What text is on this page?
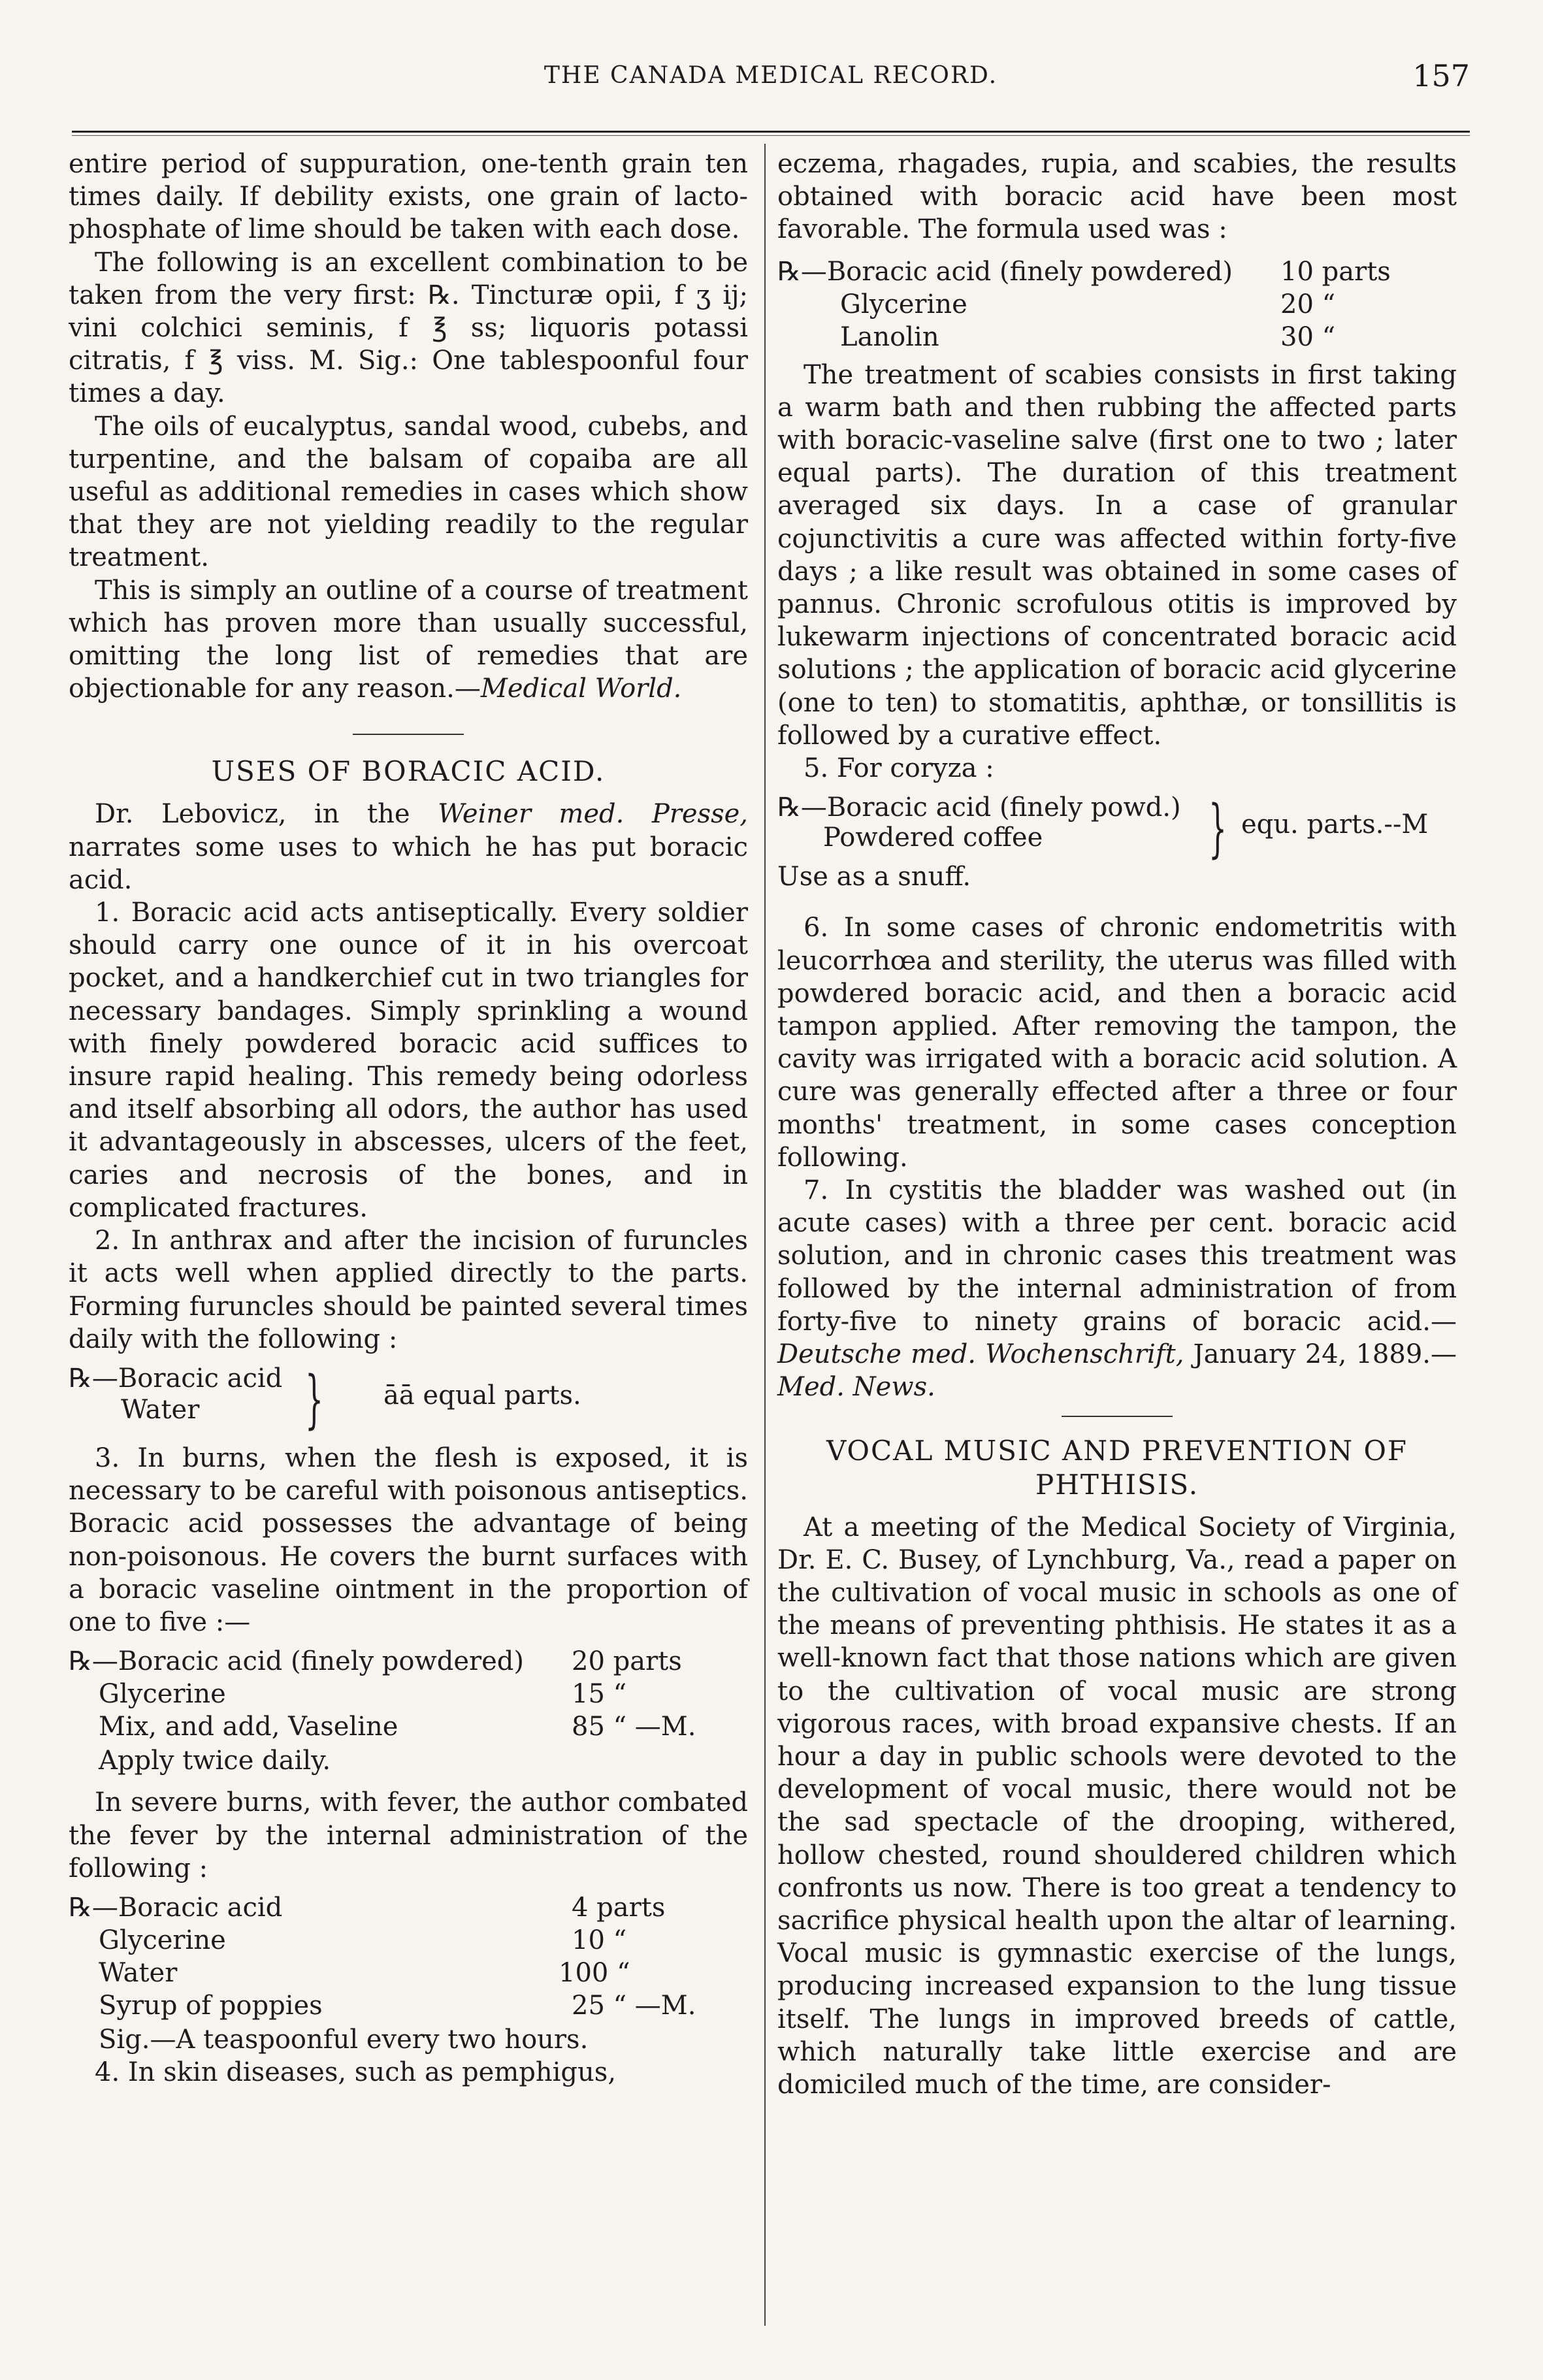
THE CANADA MEDICAL RECORD.	157

entire period of suppuration, one-tenth grain ten times daily. If debility exists, one grain of lacto-phosphate of lime should be taken with each dose.

The following is an excellent combination to be taken from the very first: ℞. Tincturæ opii, f ʒ ij; vini colchici seminis, f ℥ ss; liquoris potassi citratis, f ℥ viss. M. Sig.: One tablespoonful four times a day.

The oils of eucalyptus, sandal wood, cubebs, and turpentine, and the balsam of copaiba are all useful as additional remedies in cases which show that they are not yielding readily to the regular treatment.

This is simply an outline of a course of treatment which has proven more than usually successful, omitting the long list of remedies that are objectionable for any reason.—Medical World.

USES OF BORACIC ACID.

Dr. Lebovicz, in the Weiner med. Presse, narrates some uses to which he has put boracic acid.

1. Boracic acid acts antiseptically. Every soldier should carry one ounce of it in his overcoat pocket, and a handkerchief cut in two triangles for necessary bandages. Simply sprinkling a wound with finely powdered boracic acid suffices to insure rapid healing. This remedy being odorless and itself absorbing all odors, the author has used it advantageously in abscesses, ulcers of the feet, caries and necrosis of the bones, and in complicated fractures.

2. In anthrax and after the incision of furuncles it acts well when applied directly to the parts. Forming furuncles should be painted several times daily with the following :

℞—Boracic acid
Water	} āā equal parts.

3. In burns, when the flesh is exposed, it is necessary to be careful with poisonous antiseptics. Boracic acid possesses the advantage of being non-poisonous. He covers the burnt surfaces with a boracic vaseline ointment in the proportion of one to five :—

℞—Boracic acid (finely powdered) 20 parts
Glycerine	15 “
Mix, and add, Vaseline	85 “ —M.

Apply twice daily.

In severe burns, with fever, the author combated the fever by the internal administration of the following :

℞—Boracic acid	4 parts
Glycerine	10 “
Water	100 “
Syrup of poppies	25 “ —M.

Sig.—A teaspoonful every two hours.

4. In skin diseases, such as pemphigus,

eczema, rhagades, rupia, and scabies, the results obtained with boracic acid have been most favorable. The formula used was :

℞—Boracic acid (finely powdered) 10 parts
Glycerine	20 “
Lanolin	30 “

The treatment of scabies consists in first taking a warm bath and then rubbing the affected parts with boracic-vaseline salve (first one to two ; later equal parts). The duration of this treatment averaged six days. In a case of granular cojunctivitis a cure was affected within forty-five days ; a like result was obtained in some cases of pannus. Chronic scrofulous otitis is improved by lukewarm injections of concentrated boracic acid solutions ; the application of boracic acid glycerine (one to ten) to stomatitis, aphthæ, or tonsillitis is followed by a curative effect.

5. For coryza :

℞—Boracic acid (finely powd.)
Powdered coffee	} equ. parts.--M

Use as a snuff.

6. In some cases of chronic endometritis with leucorrhœa and sterility, the uterus was filled with powdered boracic acid, and then a boracic acid tampon applied. After removing the tampon, the cavity was irrigated with a boracic acid solution. A cure was generally effected after a three or four months' treatment, in some cases conception following.

7. In cystitis the bladder was washed out (in acute cases) with a three per cent. boracic acid solution, and in chronic cases this treatment was followed by the internal administration of from forty-five to ninety grains of boracic acid.—Deutsche med. Wochenschrift, January 24, 1889.—Med. News.

VOCAL MUSIC AND PREVENTION OF PHTHISIS.

At a meeting of the Medical Society of Virginia, Dr. E. C. Busey, of Lynchburg, Va., read a paper on the cultivation of vocal music in schools as one of the means of preventing phthisis. He states it as a well-known fact that those nations which are given to the cultivation of vocal music are strong vigorous races, with broad expansive chests. If an hour a day in public schools were devoted to the development of vocal music, there would not be the sad spectacle of the drooping, withered, hollow chested, round shouldered children which confronts us now. There is too great a tendency to sacrifice physical health upon the altar of learning. Vocal music is gymnastic exercise of the lungs, producing increased expansion to the lung tissue itself. The lungs in improved breeds of cattle, which naturally take little exercise and are domiciled much of the time, are consider-
